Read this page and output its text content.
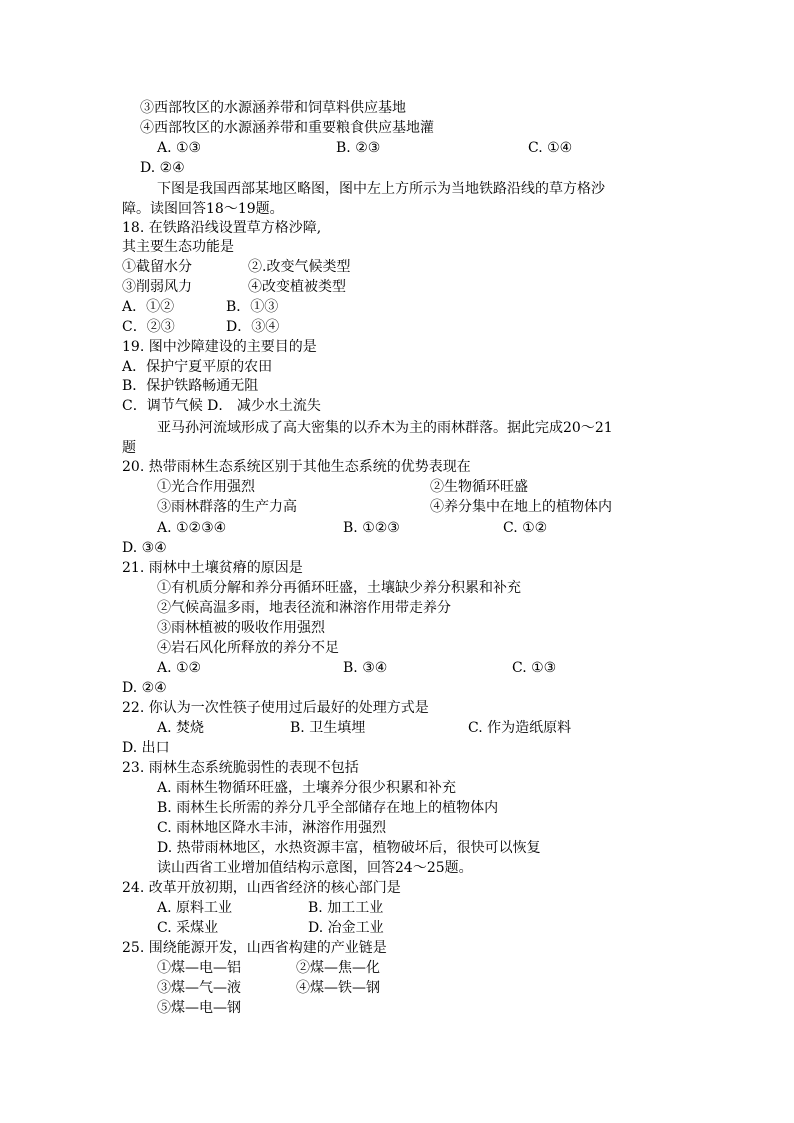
③西部牧区的水源涵养带和饲草料供应基地
④西部牧区的水源涵养带和重要粮食供应基地灌
A. ①③	B. ②③	C. ①④
D. ②④
下图是我国西部某地区略图，图中左上方所示为当地铁路沿线的草方格沙
障。读图回答18～19题。
18. 在铁路沿线设置草方格沙障,
其主要生态功能是
①截留水分	②.改变气候类型
③削弱风力	④改变植被类型
A．①②	B．①③
C．②③	D．③④
19. 图中沙障建设的主要目的是
A．保护宁夏平原的农田
B．保护铁路畅通无阻
C．调节气候 D． 减少水土流失
亚马孙河流域形成了高大密集的以乔木为主的雨林群落。据此完成20～21
题
20. 热带雨林生态系统区别于其他生态系统的优势表现在
①光合作用强烈	②生物循环旺盛
③雨林群落的生产力高	④养分集中在地上的植物体内
A. ①②③④	B. ①②③	C. ①②
D. ③④
21. 雨林中土壤贫瘠的原因是
①有机质分解和养分再循环旺盛，土壤缺少养分积累和补充
②气候高温多雨，地表径流和淋溶作用带走养分
③雨林植被的吸收作用强烈
④岩石风化所释放的养分不足
A. ①②	B. ③④	C. ①③
D. ②④
22. 你认为一次性筷子使用过后最好的处理方式是
A. 焚烧	B. 卫生填埋	C. 作为造纸原料
D. 出口
23. 雨林生态系统脆弱性的表现不包括
A. 雨林生物循环旺盛，土壤养分很少积累和补充
B. 雨林生长所需的养分几乎全部储存在地上的植物体内
C. 雨林地区降水丰沛，淋溶作用强烈
D. 热带雨林地区，水热资源丰富，植物破坏后，很快可以恢复
读山西省工业增加值结构示意图，回答24～25题。
24. 改革开放初期，山西省经济的核心部门是
A. 原料工业	B. 加工工业
C. 采煤业	D. 冶金工业
25. 围绕能源开发，山西省构建的产业链是
①煤—电—铝	②煤—焦—化
③煤—气—液	④煤—铁—钢
⑤煤—电—钢
